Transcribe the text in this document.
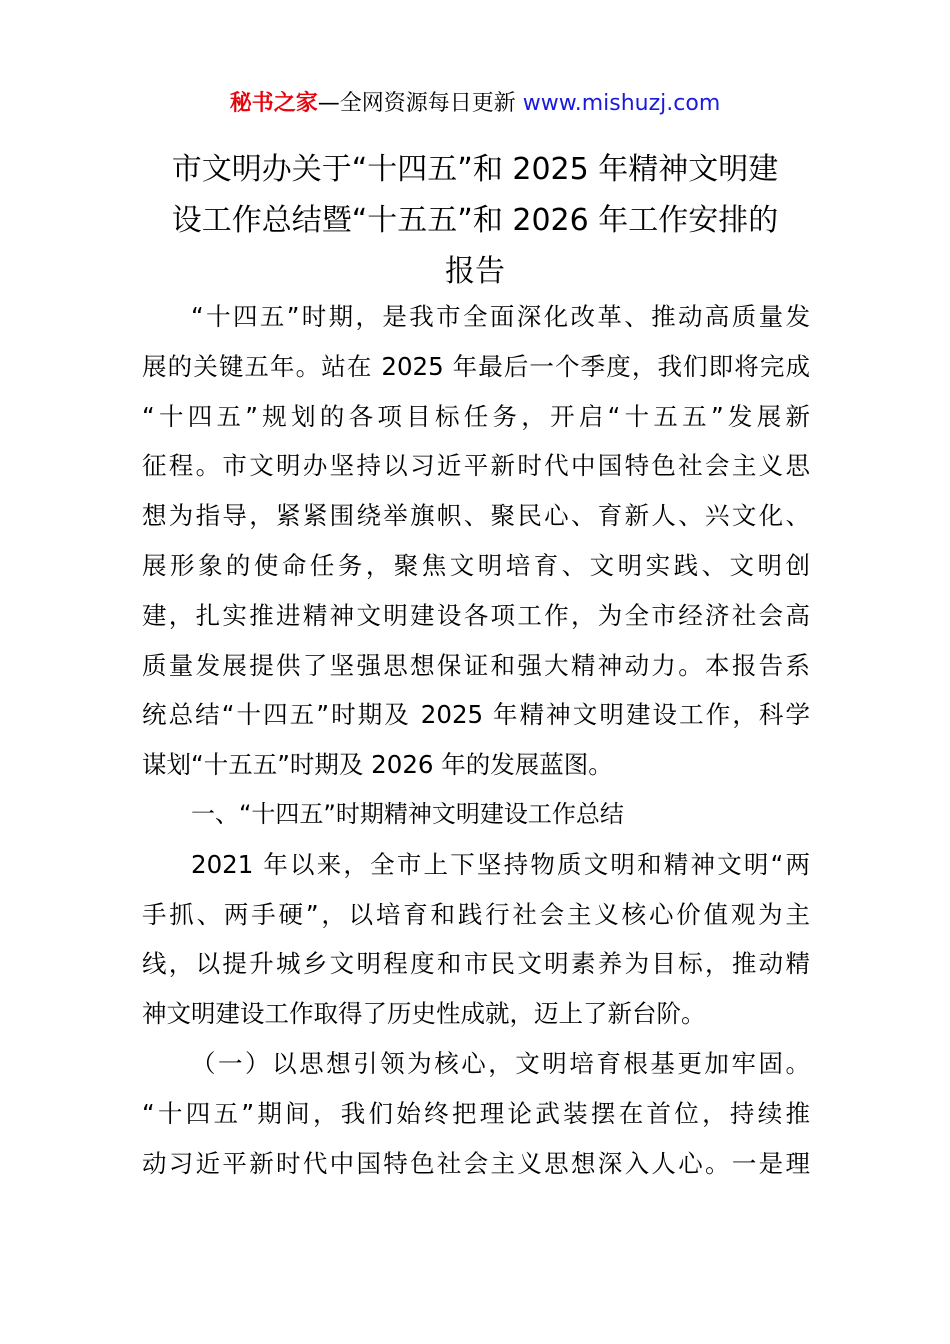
秘书之家—全网资源每日更新 www.mishuzj.com
市文明办关于“十四五”和 2025 年精神文明建
设工作总结暨“十五五”和 2026 年工作安排的
报告
“十四五”时期，是我市全面深化改革、推动高质量发
展的关键五年。站在 2025 年最后一个季度，我们即将完成
“十四五”规划的各项目标任务，开启“十五五”发展新
征程。市文明办坚持以习近平新时代中国特色社会主义思
想为指导，紧紧围绕举旗帜、聚民心、育新人、兴文化、
展形象的使命任务，聚焦文明培育、文明实践、文明创
建，扎实推进精神文明建设各项工作，为全市经济社会高
质量发展提供了坚强思想保证和强大精神动力。本报告系
统总结“十四五”时期及 2025 年精神文明建设工作，科学
谋划“十五五”时期及 2026 年的发展蓝图。
一、“十四五”时期精神文明建设工作总结
2021 年以来，全市上下坚持物质文明和精神文明“两
手抓、两手硬”，以培育和践行社会主义核心价值观为主
线，以提升城乡文明程度和市民文明素养为目标，推动精
神文明建设工作取得了历史性成就，迈上了新台阶。
（一）以思想引领为核心，文明培育根基更加牢固。
“十四五”期间，我们始终把理论武装摆在首位，持续推
动习近平新时代中国特色社会主义思想深入人心。一是理
